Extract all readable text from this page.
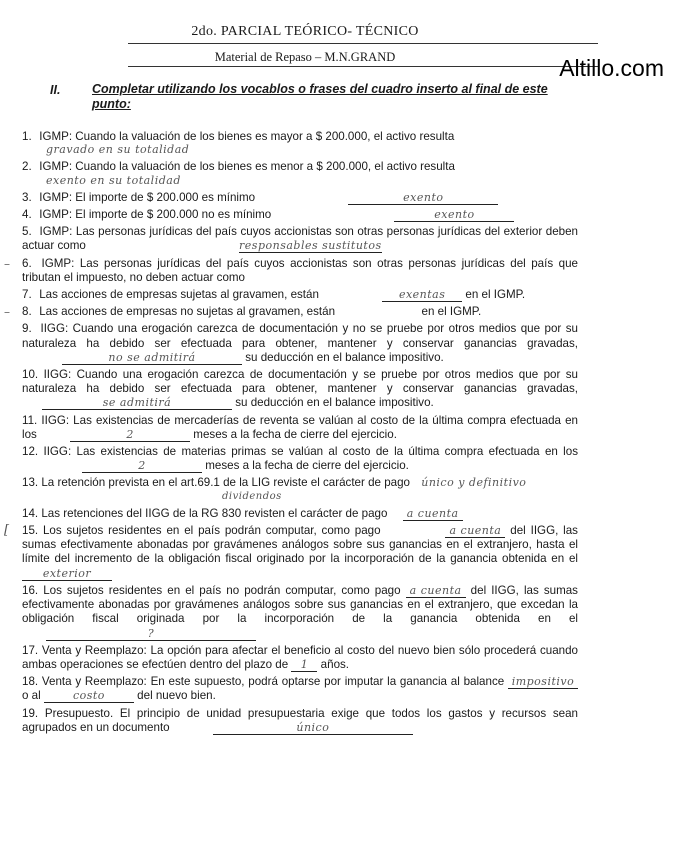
2do. PARCIAL TEÓRICO- TÉCNICO
Material de Repaso – M.N.GRAND	Altillo.com
II.	Completar utilizando los vocablos o frases del cuadro inserto al final de este punto:
1. IGMP: Cuando la valuación de los bienes es mayor a $ 200.000, el activo resulta
gravado en su totalidad
2. IGMP: Cuando la valuación de los bienes es menor a $ 200.000, el activo resulta
exento en su totalidad
3. IGMP: El importe de $ 200.000 es mínimo	exento
4. IGMP: El importe de $ 200.000 no es mínimo	exento
5. IGMP: Las personas jurídicas del país cuyos accionistas son otras personas jurídicas del exterior deben actuar como	responsables sustitutos
– 6. IGMP: Las personas jurídicas del país cuyos accionistas son otras personas jurídicas del país que tributan el impuesto, no deben actuar como
7. Las acciones de empresas sujetas al gravamen, están	exentas en el IGMP.
– 8. Las acciones de empresas no sujetas al gravamen, están	en el IGMP.
9. IIGG: Cuando una erogación carezca de documentación y no se pruebe por otros medios que por su naturaleza ha debido ser efectuada para obtener, mantener y conservar ganancias gravadas, no se admitirá	su deducción en el balance impositivo.
10. IIGG: Cuando una erogación carezca de documentación y se pruebe por otros medios que por su naturaleza ha debido ser efectuada para obtener, mantener y conservar ganancias gravadas, se admitirá	su deducción en el balance impositivo.
11. IIGG: Las existencias de mercaderías de reventa se valúan al costo de la última compra efectuada en los	2	meses a la fecha de cierre del ejercicio.
12. IIGG: Las existencias de materias primas se valúan al costo de la última compra efectuada en los 2	meses a la fecha de cierre del ejercicio.
13. La retención prevista en el art.69.1 de la LIG reviste el carácter de pago único y definitivo
dividendos
14. Las retenciones del IIGG de la RG 830 revisten el carácter de pago a cuenta
[ 15. Los sujetos residentes en el país podrán computar, como pago	a cuenta del IIGG, las sumas efectivamente abonadas por gravámenes análogos sobre sus ganancias en el extranjero, hasta el límite del incremento de la obligación fiscal originado por la incorporación de la ganancia obtenida en el exterior
16. Los sujetos residentes en el país no podrán computar, como pago a cuenta del IIGG, las sumas efectivamente abonadas por gravámenes análogos sobre sus ganancias en el extranjero, que excedan la obligación fiscal originada por la incorporación de la ganancia obtenida en el ?
17. Venta y Reemplazo: La opción para afectar el beneficio al costo del nuevo bien sólo procederá cuando ambas operaciones se efectúen dentro del plazo de 1 años.
18. Venta y Reemplazo: En este supuesto, podrá optarse por imputar la ganancia al balance impositivo o al	costo	del nuevo bien.
19. Presupuesto. El principio de unidad presupuestaria exige que todos los gastos y recursos sean agrupados en un documento	único
